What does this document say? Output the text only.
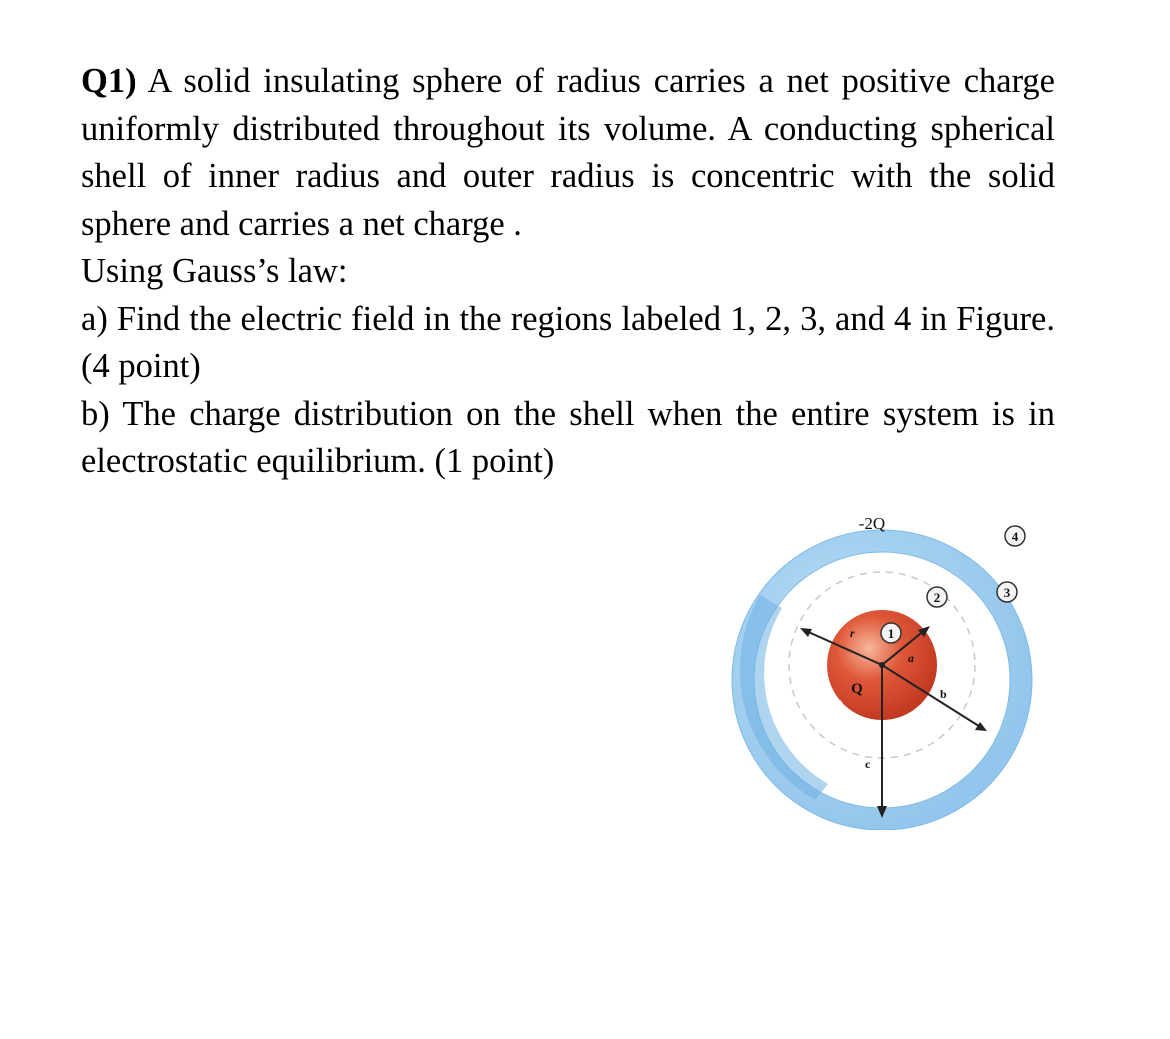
Q1) A solid insulating sphere of radius carries a net positive charge uniformly distributed throughout its volume. A conducting spherical shell of inner radius and outer radius is concentric with the solid sphere and carries a net charge .

Using Gauss’s law:

a) Find the electric field in the regions labeled 1, 2, 3, and 4 in Figure. (4 point)

b) The charge distribution on the shell when the entire system is in electrostatic equilibrium. (1 point)

-2Q
Q
r
a
b
c
1
2	3
4
